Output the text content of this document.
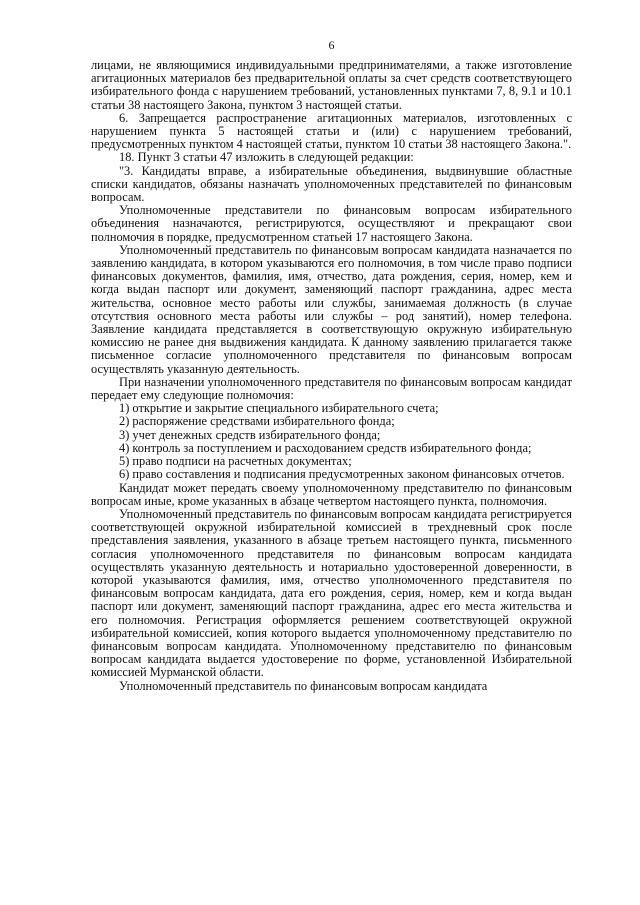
6

лицами, не являющимися индивидуальными предпринимателями, а также изготовление агитационных материалов без предварительной оплаты за счет средств соответствующего избирательного фонда с нарушением требований, установленных пунктами 7, 8, 9.1 и 10.1 статьи 38 настоящего Закона, пунктом 3 настоящей статьи.

6. Запрещается распространение агитационных материалов, изготовленных с нарушением пункта 5 настоящей статьи и (или) с нарушением требований, предусмотренных пунктом 4 настоящей статьи, пунктом 10 статьи 38 настоящего Закона.".

18. Пункт 3 статьи 47 изложить в следующей редакции:

"3. Кандидаты вправе, а избирательные объединения, выдвинувшие областные списки кандидатов, обязаны назначать уполномоченных представителей по финансовым вопросам.

Уполномоченные представители по финансовым вопросам избирательного объединения назначаются, регистрируются, осуществляют и прекращают свои полномочия в порядке, предусмотренном статьей 17 настоящего Закона.

Уполномоченный представитель по финансовым вопросам кандидата назначается по заявлению кандидата, в котором указываются его полномочия, в том числе право подписи финансовых документов, фамилия, имя, отчество, дата рождения, серия, номер, кем и когда выдан паспорт или документ, заменяющий паспорт гражданина, адрес места жительства, основное место работы или службы, занимаемая должность (в случае отсутствия основного места работы или службы – род занятий), номер телефона. Заявление кандидата представляется в соответствующую окружную избирательную комиссию не ранее дня выдвижения кандидата. К данному заявлению прилагается также письменное согласие уполномоченного представителя по финансовым вопросам осуществлять указанную деятельность.

При назначении уполномоченного представителя по финансовым вопросам кандидат передает ему следующие полномочия:

1) открытие и закрытие специального избирательного счета;

2) распоряжение средствами избирательного фонда;

3) учет денежных средств избирательного фонда;

4) контроль за поступлением и расходованием средств избирательного фонда;

5) право подписи на расчетных документах;

6) право составления и подписания предусмотренных законом финансовых отчетов.

Кандидат может передать своему уполномоченному представителю по финансовым вопросам иные, кроме указанных в абзаце четвертом настоящего пункта, полномочия.

Уполномоченный представитель по финансовым вопросам кандидата регистрируется соответствующей окружной избирательной комиссией в трехдневный срок после представления заявления, указанного в абзаце третьем настоящего пункта, письменного согласия уполномоченного представителя по финансовым вопросам кандидата осуществлять указанную деятельность и нотариально удостоверенной доверенности, в которой указываются фамилия, имя, отчество уполномоченного представителя по финансовым вопросам кандидата, дата его рождения, серия, номер, кем и когда выдан паспорт или документ, заменяющий паспорт гражданина, адрес его места жительства и его полномочия. Регистрация оформляется решением соответствующей окружной избирательной комиссией, копия которого выдается уполномоченному представителю по финансовым вопросам кандидата. Уполномоченному представителю по финансовым вопросам кандидата выдается удостоверение по форме, установленной Избирательной комиссией Мурманской области.

Уполномоченный представитель по финансовым вопросам кандидата
